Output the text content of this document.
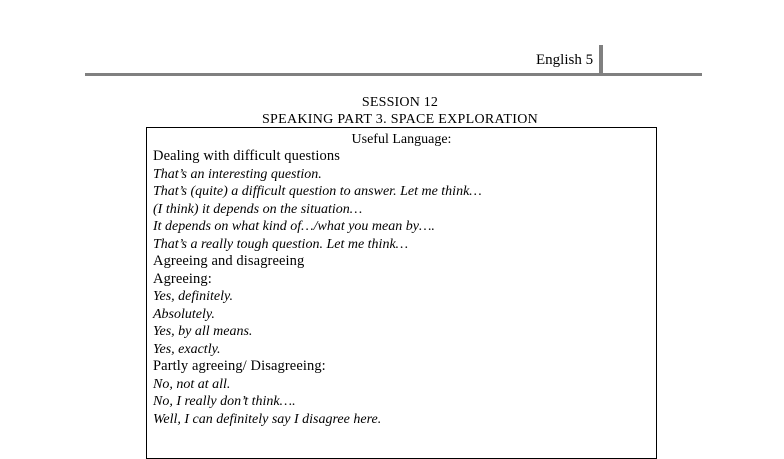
English 5
SESSION 12
SPEAKING PART 3. SPACE EXPLORATION
Useful Language:
Dealing with difficult questions
That’s an interesting question.
That’s (quite) a difficult question to answer. Let me think…
(I think) it depends on the situation…
It depends on what kind of…/what you mean by….
That’s a really tough question. Let me think…
Agreeing and disagreeing
Agreeing:
Yes, definitely.
Absolutely.
Yes, by all means.
Yes, exactly.
Partly agreeing/ Disagreeing:
No, not at all.
No, I really don’t think….
Well, I can definitely say I disagree here.
